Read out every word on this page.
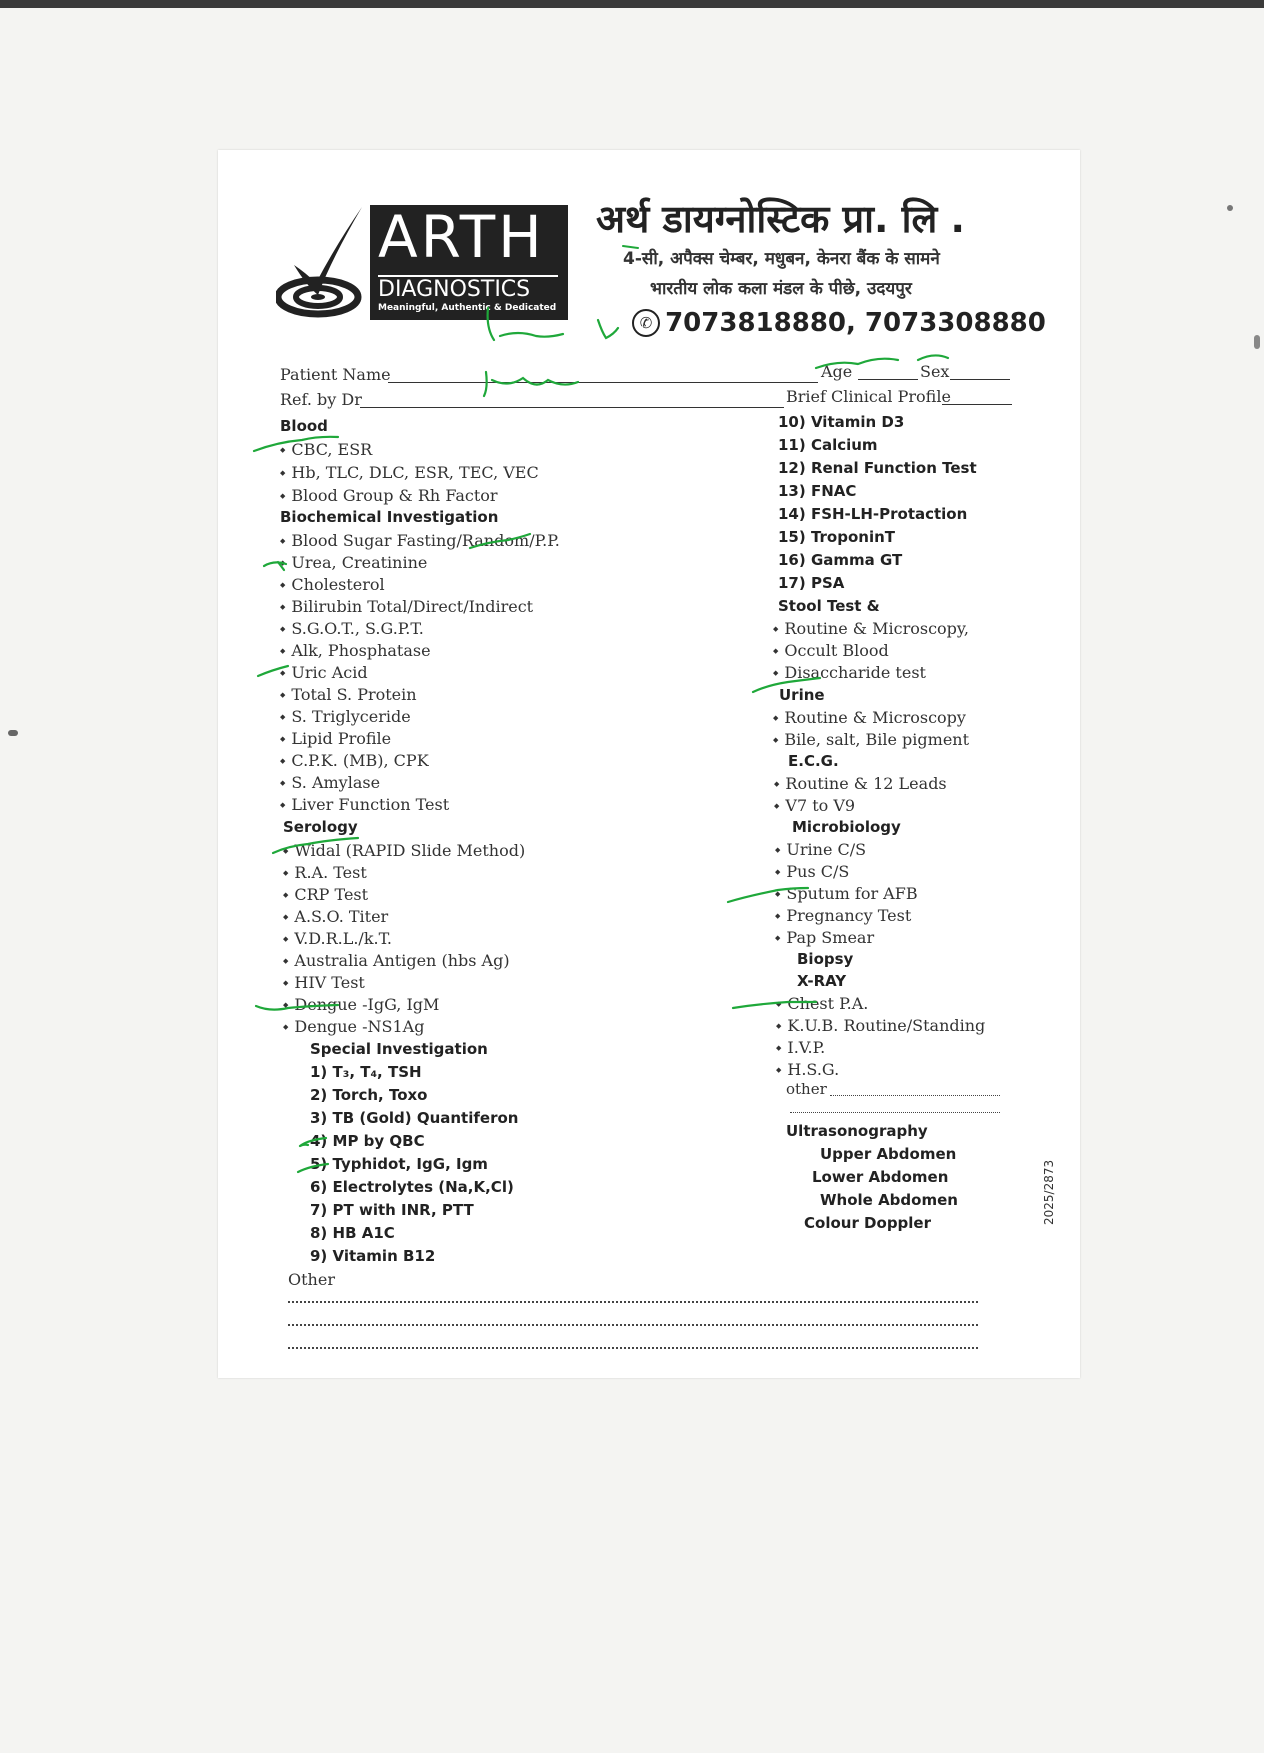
ARTH
DIAGNOSTICS
Meaningful, Authentic & Dedicated
अर्थ डायग्नोस्टिक प्रा. लि .
4-सी, अपैक्स चेम्बर, मधुबन, केनरा बैंक के सामने
भारतीय लोक कला मंडल के पीछे, उदयपुर
✆ 7073818880, 7073308880
Patient Name	Age	Sex
Ref. by Dr	Brief Clinical Profile
Blood
◆ CBC, ESR
◆ Hb, TLC, DLC, ESR, TEC, VEC
◆ Blood Group & Rh Factor
Biochemical Investigation
◆ Blood Sugar Fasting/Random/P.P.
◆ Urea, Creatinine
◆ Cholesterol
◆ Bilirubin Total/Direct/Indirect
◆ S.G.O.T., S.G.P.T.
◆ Alk, Phosphatase
◆ Uric Acid
◆ Total S. Protein
◆ S. Triglyceride
◆ Lipid Profile
◆ C.P.K. (MB), CPK
◆ S. Amylase
◆ Liver Function Test
Serology
◆ Widal (RAPID Slide Method)
◆ R.A. Test
◆ CRP Test
◆ A.S.O. Titer
◆ V.D.R.L./k.T.
◆ Australia Antigen (hbs Ag)
◆ HIV Test
◆ Dengue -IgG, IgM
◆ Dengue -NS1Ag
Special Investigation
1) T₃, T₄, TSH
2) Torch, Toxo
3) TB (Gold) Quantiferon
4) MP by QBC
5) Typhidot, IgG, Igm
6) Electrolytes (Na,K,Cl)
7) PT with INR, PTT
8) HB A1C
9) Vitamin B12
Other
10) Vitamin D3
11) Calcium
12) Renal Function Test
13) FNAC
14) FSH-LH-Protaction
15) TroponinT
16) Gamma GT
17) PSA
Stool Test &
◆ Routine & Microscopy,
◆ Occult Blood
◆ Disaccharide test
Urine
◆ Routine & Microscopy
◆ Bile, salt, Bile pigment
E.C.G.
◆ Routine & 12 Leads
◆ V7 to V9
Microbiology
◆ Urine C/S
◆ Pus C/S
◆ Sputum for AFB
◆ Pregnancy Test
◆ Pap Smear
Biopsy
X-RAY
◆ Chest P.A.
◆ K.U.B. Routine/Standing
◆ I.V.P.
◆ H.S.G.
other
Ultrasonography
Upper Abdomen
Lower Abdomen
Whole Abdomen
Colour Doppler	2025/2873
